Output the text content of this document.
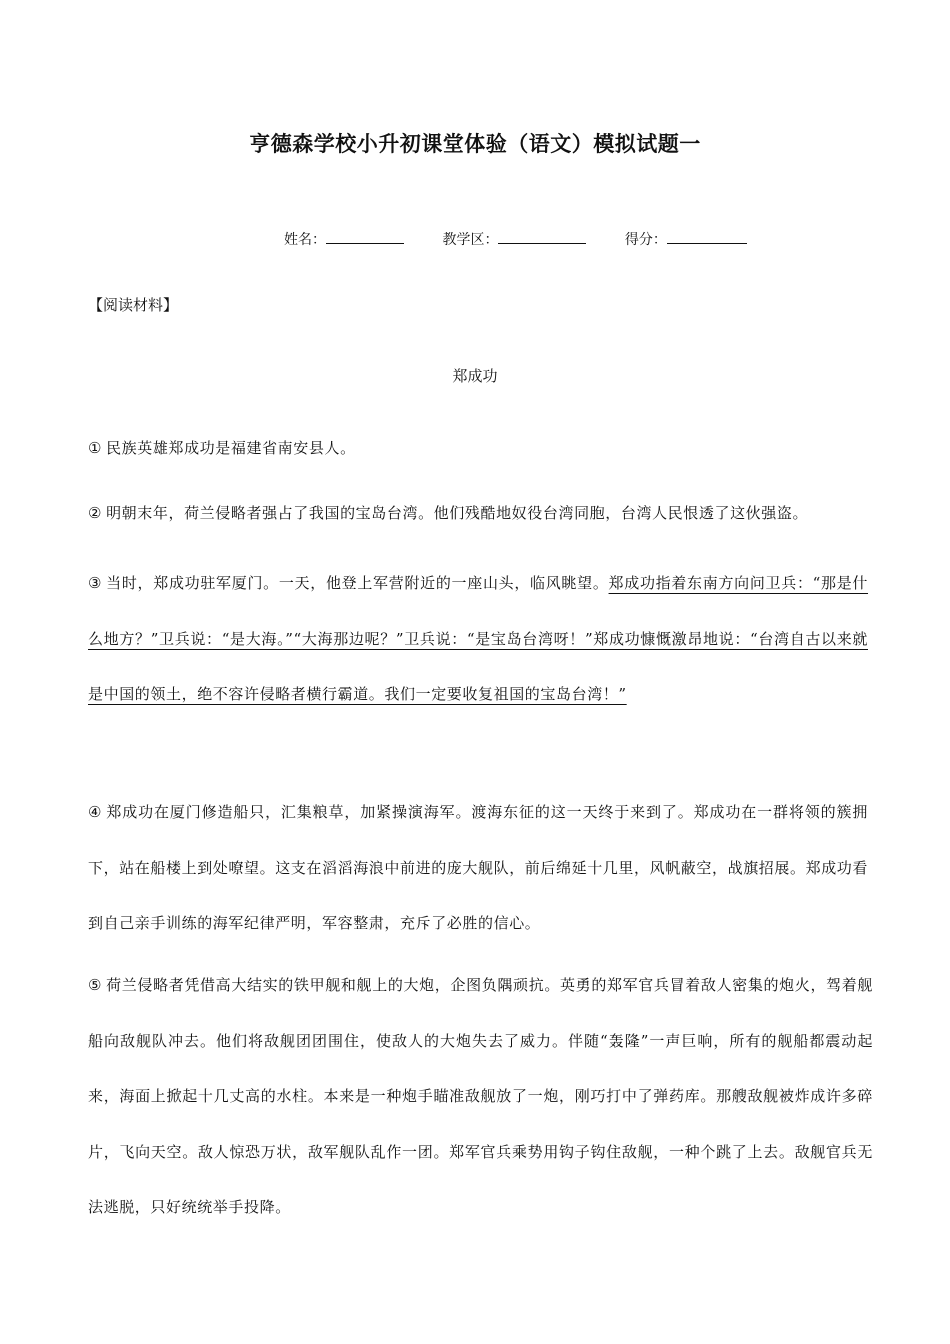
亨德森学校小升初课堂体验（语文）模拟试题一
姓名：	教学区：	得分：
【阅读材料】
郑成功
① 民族英雄郑成功是福建省南安县人。
② 明朝末年，荷兰侵略者强占了我国的宝岛台湾。他们残酷地奴役台湾同胞，台湾人民恨透了这伙强盗。
③ 当时，郑成功驻军厦门。一天，他登上军营附近的一座山头，临风眺望。郑成功指着东南方向问卫兵：“那是什么地方？”卫兵说：“是大海。”“大海那边呢？”卫兵说：“是宝岛台湾呀！”郑成功慷慨激昂地说：“台湾自古以来就是中国的领土，绝不容许侵略者横行霸道。我们一定要收复祖国的宝岛台湾！”
④ 郑成功在厦门修造船只，汇集粮草，加紧操演海军。渡海东征的这一天终于来到了。郑成功在一群将领的簇拥下，站在船楼上到处嘹望。这支在滔滔海浪中前进的庞大舰队，前后绵延十几里，风帆蔽空，战旗招展。郑成功看到自己亲手训练的海军纪律严明，军容整肃，充斥了必胜的信心。
⑤ 荷兰侵略者凭借高大结实的铁甲舰和舰上的大炮，企图负隅顽抗。英勇的郑军官兵冒着敌人密集的炮火，驾着舰船向敌舰队冲去。他们将敌舰团团围住，使敌人的大炮失去了威力。伴随“轰隆”一声巨响，所有的舰船都震动起来，海面上掀起十几丈高的水柱。本来是一种炮手瞄准敌舰放了一炮，刚巧打中了弹药库。那艘敌舰被炸成许多碎片，飞向天空。敌人惊恐万状，敌军舰队乱作一团。郑军官兵乘势用钩子钩住敌舰，一种个跳了上去。敌舰官兵无法逃脱，只好统统举手投降。
